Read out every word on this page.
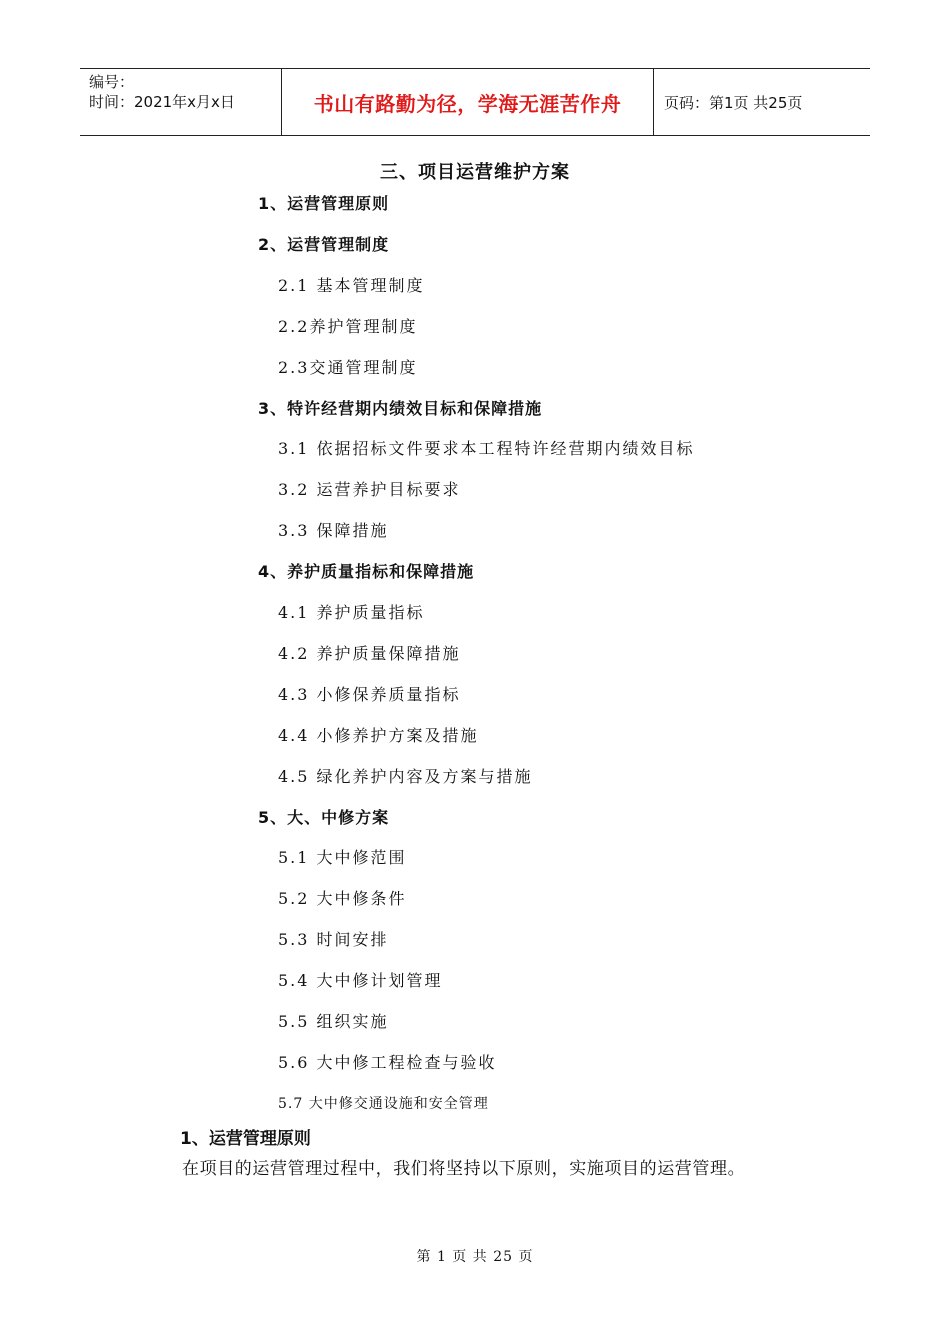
编号：
时间：2021年x月x日	书山有路勤为径，学海无涯苦作舟	页码：第1页 共25页
三、项目运营维护方案
1、运营管理原则
2、运营管理制度
2.1 基本管理制度
2.2养护管理制度
2.3交通管理制度
3、特许经营期内绩效目标和保障措施
3.1 依据招标文件要求本工程特许经营期内绩效目标
3.2 运营养护目标要求
3.3 保障措施
4、养护质量指标和保障措施
4.1 养护质量指标
4.2 养护质量保障措施
4.3 小修保养质量指标
4.4 小修养护方案及措施
4.5 绿化养护内容及方案与措施
5、大、中修方案
5.1 大中修范围
5.2 大中修条件
5.3 时间安排
5.4 大中修计划管理
5.5 组织实施
5.6 大中修工程检查与验收
5.7 大中修交通设施和安全管理
1、运营管理原则
在项目的运营管理过程中，我们将坚持以下原则，实施项目的运营管理。
第 1 页 共 25 页
